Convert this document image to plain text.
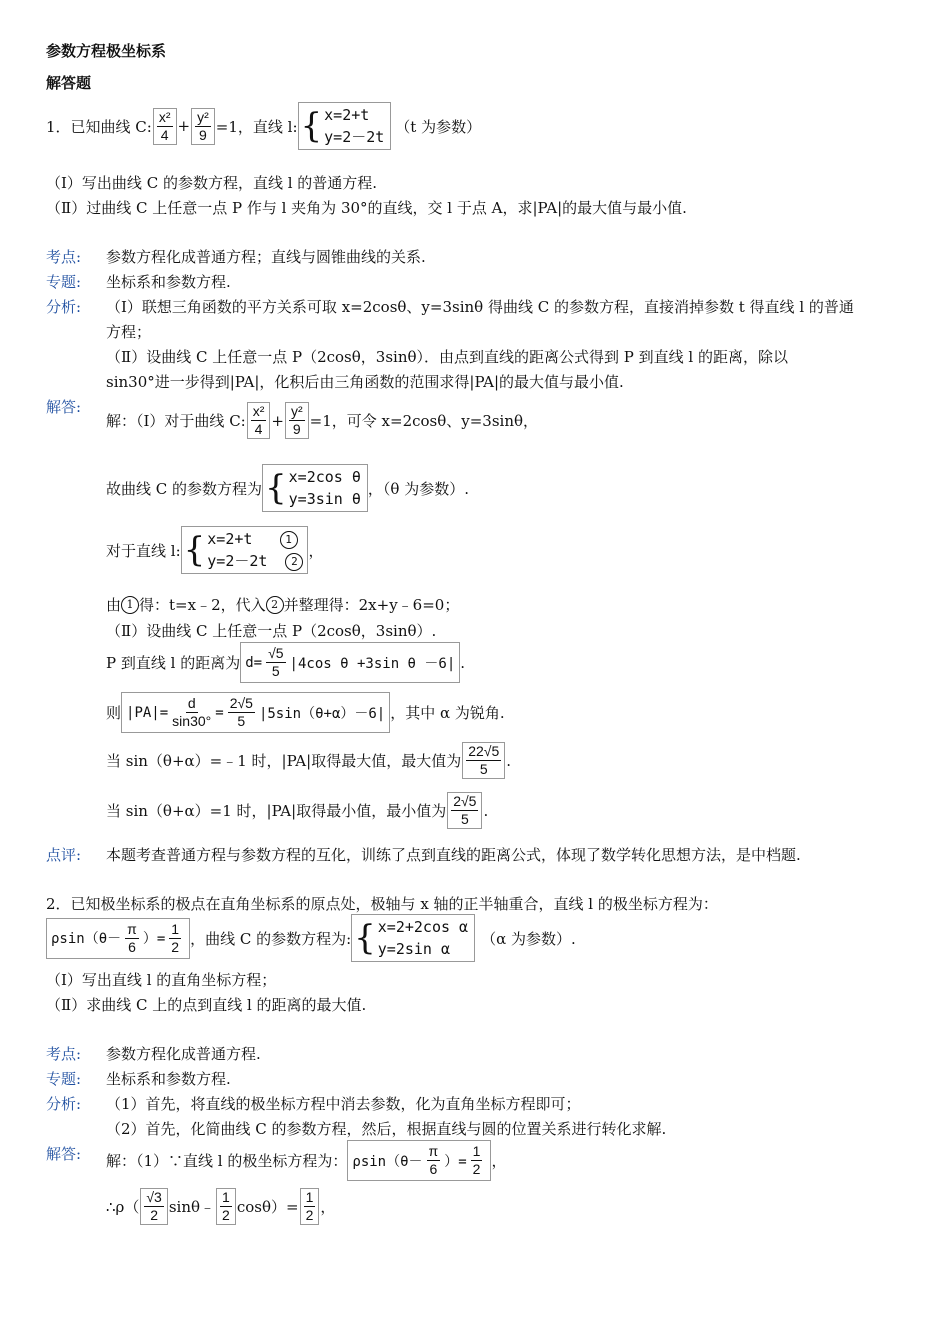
参数方程极坐标系
解答题
1．已知曲线 C: $\frac{\text{x²}}{4} + \frac{\text{y²}}{9} =1$，直线 l: { x=2+t
y=2－2t
（t 为参数）
（Ⅰ）写出曲线 C 的参数方程，直线 l 的普通方程.
（Ⅱ）过曲线 C 上任意一点 P 作与 l 夹角为 30°的直线，交 l 于点 A，求|PA|的最大值与最小值.
考点: 参数方程化成普通方程；直线与圆锥曲线的关系.
专题: 坐标系和参数方程.
分析: （Ⅰ）联想三角函数的平方关系可取 x=2cosθ、y=3sinθ 得曲线 C 的参数方程，直接消掉参数 t 得直线 l 的普通
方程；
（Ⅱ）设曲线 C 上任意一点 P（2cosθ，3sinθ）．由点到直线的距离公式得到 P 到直线 l 的距离，除以
sin30°进一步得到|PA|，化积后由三角函数的范围求得|PA|的最大值与最小值.
解答:
解：（Ⅰ）对于曲线 C: $\frac{\text{x²}}{4} + \frac{\text{y²}}{9} =1$，可令 x=2cosθ、y=3sinθ，
故曲线 C 的参数方程为 { x=2cos θ
y=3sin θ
，（θ 为参数）.
对于直线 l: { x=2+t	1
y=2－2t 2
，
由 1 得：t=x﹣2，代入 2 并整理得：2x+y﹣6=0；
（Ⅱ）设曲线 C 上任意一点 P（2cosθ，3sinθ）.
P 到直线 l 的距离为 $d= \frac{√5}{5} |4\cos$ θ +3sin θ －6| .
则 $|PA|= \frac{d}{\sin 30^\circ} = \frac{2√5}{5} |5\sin(\theta+\alpha)-6|$ ，其中 α 为锐角.
当 sin（θ+α）=﹣1 时，|PA|取得最大值，最大值为 $\frac{22√5}{5}$ .
当 sin（θ+α）=1 时，|PA|取得最小值，最小值为 $\frac{2√5}{5}$ .
点评: 本题考查普通方程与参数方程的互化，训练了点到直线的距离公式，体现了数学转化思想方法，是中档题.
2．已知极坐标系的极点在直角坐标系的原点处，极轴与 x 轴的正半轴重合，直线 l 的极坐标方程为：
$\rho\sin(\theta- \frac{\pi}{6}$ ）= $\frac{1}{2}$ ，曲线 C 的参数方程为: { x=2+2cos α
y=2sin α
（α 为参数）.
（Ⅰ）写出直线 l 的直角坐标方程；
（Ⅱ）求曲线 C 上的点到直线 l 的距离的最大值.
考点: 参数方程化成普通方程.
专题: 坐标系和参数方程.
分析: （1）首先，将直线的极坐标方程中消去参数，化为直角坐标方程即可；
（2）首先，化简曲线 C 的参数方程，然后，根据直线与圆的位置关系进行转化求解.
解答: 解：（1）∵直线 l 的极坐标方程为： $\rho\sin(\theta- \frac{\pi}{6}$ ）= $\frac{1}{2}$ ，
∴ρ（ $\frac{√3}{2}$ sinθ﹣ $\frac{1}{2} \cos\theta)= \frac{1}{2}$ ，
